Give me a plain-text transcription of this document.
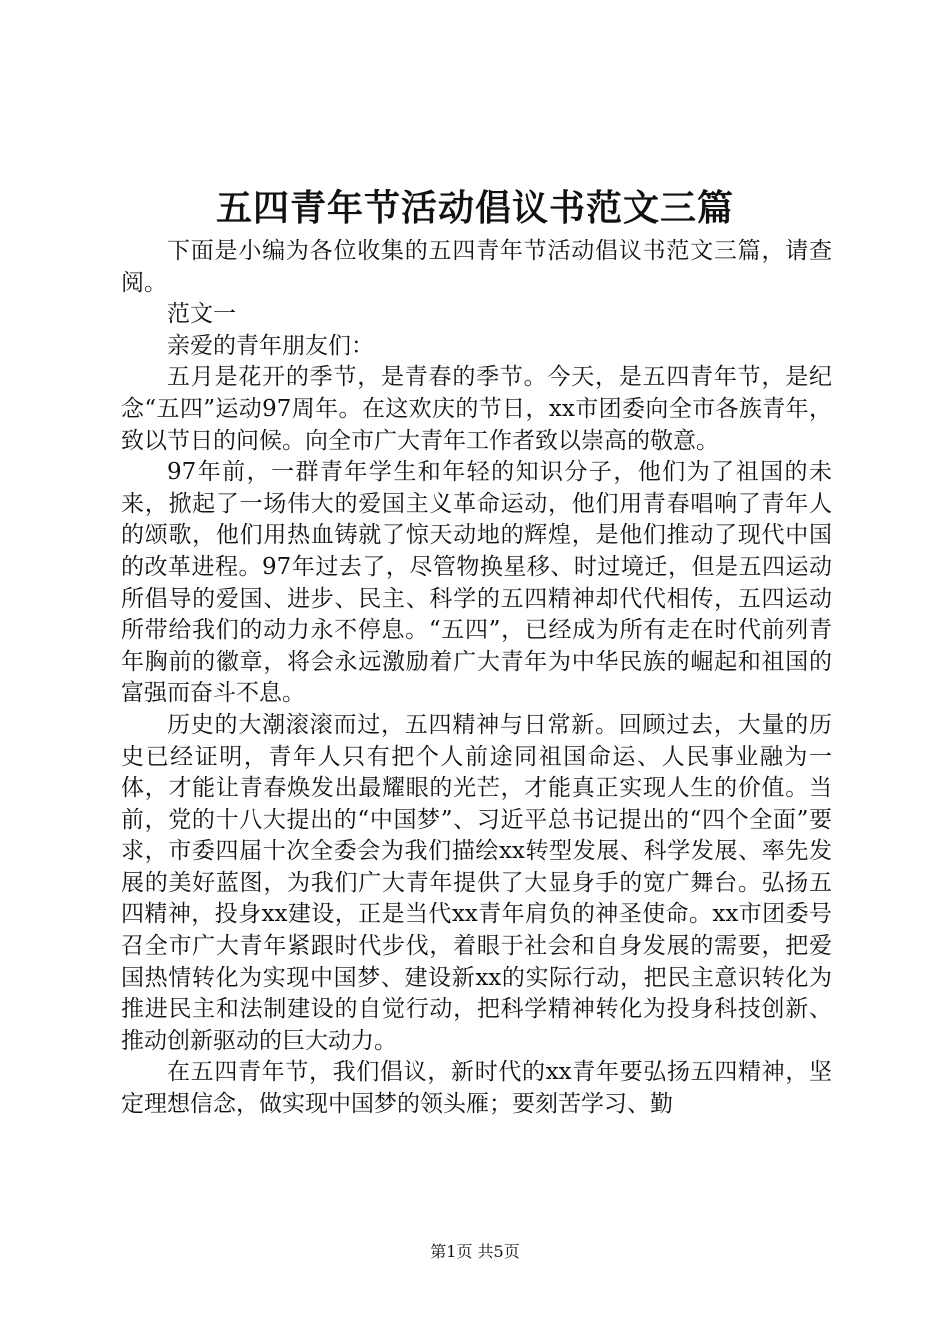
五四青年节活动倡议书范文三篇

下面是小编为各位收集的五四青年节活动倡议书范文三篇，请查阅。

范文一

亲爱的青年朋友们：

五月是花开的季节，是青春的季节。今天，是五四青年节，是纪念“五四”运动97周年。在这欢庆的节日，xx市团委向全市各族青年，致以节日的问候。向全市广大青年工作者致以崇高的敬意。

97年前，一群青年学生和年轻的知识分子，他们为了祖国的未来，掀起了一场伟大的爱国主义革命运动，他们用青春唱响了青年人的颂歌，他们用热血铸就了惊天动地的辉煌，是他们推动了现代中国的改革进程。97年过去了，尽管物换星移、时过境迁，但是五四运动所倡导的爱国、进步、民主、科学的五四精神却代代相传，五四运动所带给我们的动力永不停息。“五四”，已经成为所有走在时代前列青年胸前的徽章，将会永远激励着广大青年为中华民族的崛起和祖国的富强而奋斗不息。

历史的大潮滚滚而过，五四精神与日常新。回顾过去，大量的历史已经证明，青年人只有把个人前途同祖国命运、人民事业融为一体，才能让青春焕发出最耀眼的光芒，才能真正实现人生的价值。当前，党的十八大提出的“中国梦”、习近平总书记提出的“四个全面”要求，市委四届十次全委会为我们描绘xx转型发展、科学发展、率先发展的美好蓝图，为我们广大青年提供了大显身手的宽广舞台。弘扬五四精神，投身xx建设，正是当代xx青年肩负的神圣使命。xx市团委号召全市广大青年紧跟时代步伐，着眼于社会和自身发展的需要，把爱国热情转化为实现中国梦、建设新xx的实际行动，把民主意识转化为推进民主和法制建设的自觉行动，把科学精神转化为投身科技创新、推动创新驱动的巨大动力。

在五四青年节，我们倡议，新时代的xx青年要弘扬五四精神，坚定理想信念，做实现中国梦的领头雁；要刻苦学习、勤

第1页 共5页
